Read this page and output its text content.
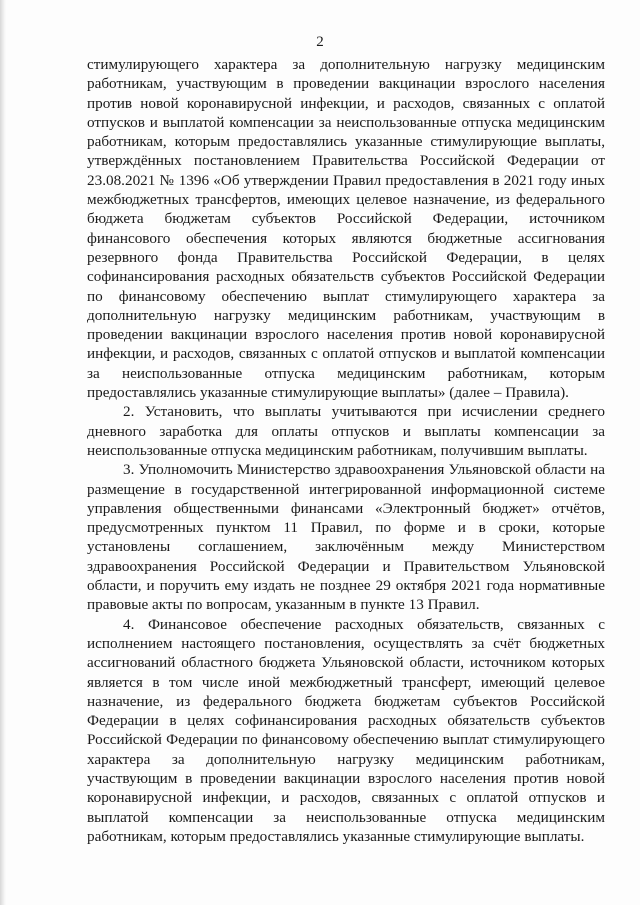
2

стимулирующего характера за дополнительную нагрузку медицинским работникам, участвующим в проведении вакцинации взрослого населения против новой коронавирусной инфекции, и расходов, связанных с оплатой отпусков и выплатой компенсации за неиспользованные отпуска медицинским работникам, которым предоставлялись указанные стимулирующие выплаты, утверждённых постановлением Правительства Российской Федерации от 23.08.2021 № 1396 «Об утверждении Правил предоставления в 2021 году иных межбюджетных трансфертов, имеющих целевое назначение, из федерального бюджета бюджетам субъектов Российской Федерации, источником финансового обеспечения которых являются бюджетные ассигнования резервного фонда Правительства Российской Федерации, в целях софинансирования расходных обязательств субъектов Российской Федерации по финансовому обеспечению выплат стимулирующего характера за дополнительную нагрузку медицинским работникам, участвующим в проведении вакцинации взрослого населения против новой коронавирусной инфекции, и расходов, связанных с оплатой отпусков и выплатой компенсации за неиспользованные отпуска медицинским работникам, которым предоставлялись указанные стимулирующие выплаты» (далее – Правила).

2. Установить, что выплаты учитываются при исчислении среднего дневного заработка для оплаты отпусков и выплаты компенсации за неиспользованные отпуска медицинским работникам, получившим выплаты.

3. Уполномочить Министерство здравоохранения Ульяновской области на размещение в государственной интегрированной информационной системе управления общественными финансами «Электронный бюджет» отчётов, предусмотренных пунктом 11 Правил, по форме и в сроки, которые установлены соглашением, заключённым между Министерством здравоохранения Российской Федерации и Правительством Ульяновской области, и поручить ему издать не позднее 29 октября 2021 года нормативные правовые акты по вопросам, указанным в пункте 13 Правил.

4. Финансовое обеспечение расходных обязательств, связанных с исполнением настоящего постановления, осуществлять за счёт бюджетных ассигнований областного бюджета Ульяновской области, источником которых является в том числе иной межбюджетный трансферт, имеющий целевое назначение, из федерального бюджета бюджетам субъектов Российской Федерации в целях софинансирования расходных обязательств субъектов Российской Федерации по финансовому обеспечению выплат стимулирующего характера за дополнительную нагрузку медицинским работникам, участвующим в проведении вакцинации взрослого населения против новой коронавирусной инфекции, и расходов, связанных с оплатой отпусков и выплатой компенсации за неиспользованные отпуска медицинским работникам, которым предоставлялись указанные стимулирующие выплаты.
